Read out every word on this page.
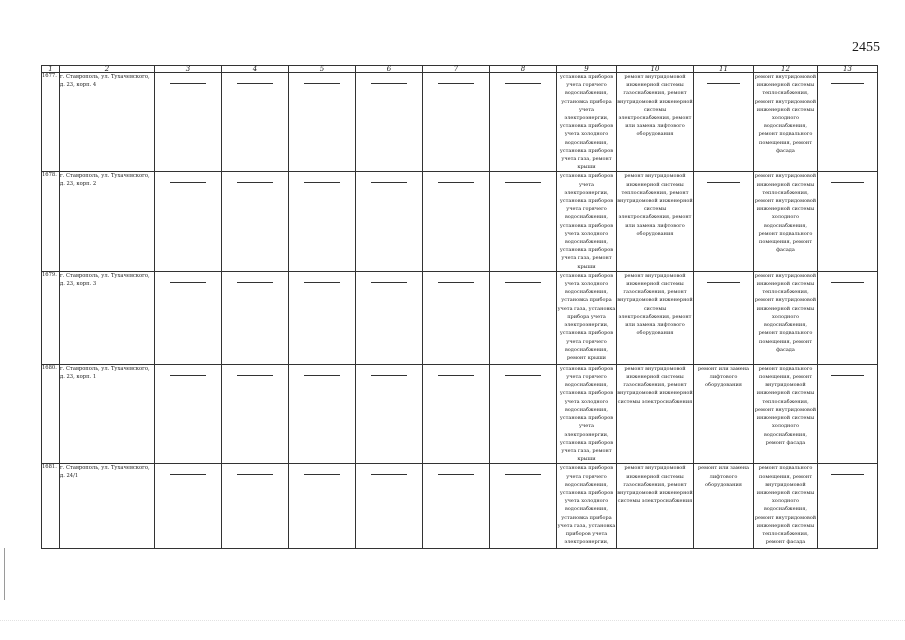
2455
1	2	3	4	5	6	7	8	9	10	11	12	13
1677.	г. Ставрополь, ул. Тухачевского, д. 23, корп. 4							установка приборов учета горячего водоснабжения, установка прибора учета электроэнергии, установка приборов учета холодного водоснабжения, установка приборов учета газа, ремонт крыши	ремонт внутридомовой инженерной системы газоснабжения, ремонт внутридомовой инженерной системы электроснабжения, ремонт или замена лифтового оборудования		ремонт внутридомовой инженерной системы теплоснабжения, ремонт внутридомовой инженерной системы холодного водоснабжения, ремонт подвального помещения, ремонт фасада	

1678.	г. Ставрополь, ул. Тухачевского, д. 23, корп. 2							установка приборов учета электроэнергии, установка приборов учета горячего водоснабжения, установка приборов учета холодного водоснабжения, установка приборов учета газа, ремонт крыши	ремонт внутридомовой инженерной системы теплоснабжения, ремонт внутридомовой инженерной системы электроснабжения, ремонт или замена лифтового оборудования		ремонт внутридомовой инженерной системы теплоснабжения, ремонт внутридомовой инженерной системы холодного водоснабжения, ремонт подвального помещения, ремонт фасада	

1679.	г. Ставрополь, ул. Тухачевского, д. 23, корп. 3							установка приборов учета холодного водоснабжения, установка прибора учета газа, установка прибора учета электроэнергии, установка приборов учета горячего водоснабжения, ремонт крыши	ремонт внутридомовой инженерной системы газоснабжения, ремонт внутридомовой инженерной системы электроснабжения, ремонт или замена лифтового оборудования		ремонт внутридомовой инженерной системы теплоснабжения, ремонт внутридомовой инженерной системы холодного водоснабжения, ремонт подвального помещения, ремонт фасада	

1680.	г. Ставрополь, ул. Тухачевского, д. 23, корп. 1							установка приборов учета горячего водоснабжения, установка приборов учета холодного водоснабжения, установка приборов учета электроэнергии, установка приборов учета газа, ремонт крыши	ремонт внутридомовой инженерной системы газоснабжения, ремонт внутридомовой инженерной системы электроснабжения	ремонт или замена лифтового оборудования	ремонт подвального помещения, ремонт внутридомовой инженерной системы теплоснабжения, ремонт внутридомовой инженерной системы холодного водоснабжения, ремонт фасада	

1681.	г. Ставрополь, ул. Тухачевского, д. 24/1							установка приборов учета горячего водоснабжения, установка приборов учета холодного водоснабжения, установка прибора учета газа, установка приборов учета электроэнергии,	ремонт внутридомовой инженерной системы газоснабжения, ремонт внутридомовой инженерной системы электроснабжения	ремонт или замена лифтового оборудования	ремонт подвального помещения, ремонт внутридомовой инженерной системы холодного водоснабжения, ремонт внутридомовой инженерной системы теплоснабжения, ремонт фасада	
